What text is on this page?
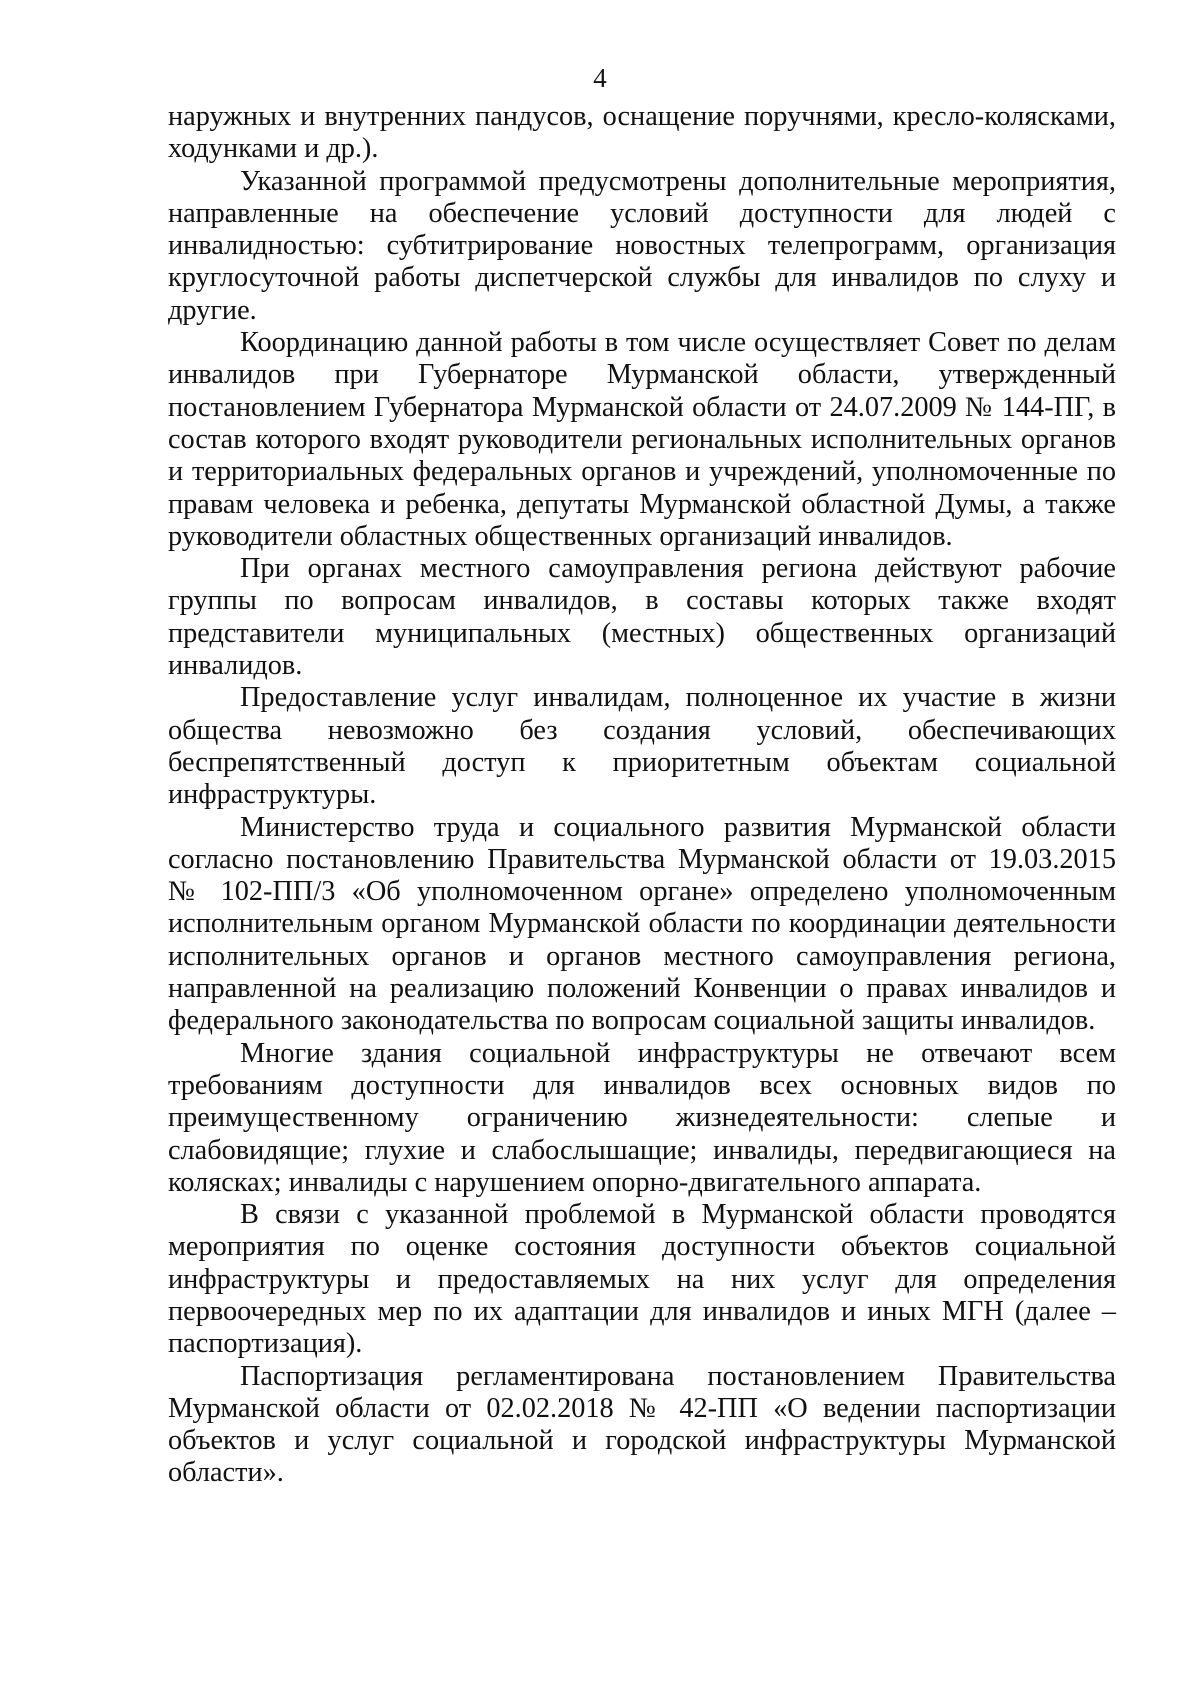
4

наружных и внутренних пандусов, оснащение поручнями, кресло-колясками, ходунками и др.).

Указанной программой предусмотрены дополнительные мероприятия, направленные на обеспечение условий доступности для людей с инвалидностью: субтитрирование новостных телепрограмм, организация круглосуточной работы диспетчерской службы для инвалидов по слуху и другие.

Координацию данной работы в том числе осуществляет Совет по делам инвалидов при Губернаторе Мурманской области, утвержденный постановлением Губернатора Мурманской области от 24.07.2009 № 144-ПГ, в состав которого входят руководители региональных исполнительных органов и территориальных федеральных органов и учреждений, уполномоченные по правам человека и ребенка, депутаты Мурманской областной Думы, а также руководители областных общественных организаций инвалидов.

При органах местного самоуправления региона действуют рабочие группы по вопросам инвалидов, в составы которых также входят представители муниципальных (местных) общественных организаций инвалидов.

Предоставление услуг инвалидам, полноценное их участие в жизни общества невозможно без создания условий, обеспечивающих беспрепятственный доступ к приоритетным объектам социальной инфраструктуры.

Министерство труда и социального развития Мурманской области согласно постановлению Правительства Мурманской области от 19.03.2015 № 102-ПП/3 «Об уполномоченном органе» определено уполномоченным исполнительным органом Мурманской области по координации деятельности исполнительных органов и органов местного самоуправления региона, направленной на реализацию положений Конвенции о правах инвалидов и федерального законодательства по вопросам социальной защиты инвалидов.

Многие здания социальной инфраструктуры не отвечают всем требованиям доступности для инвалидов всех основных видов по преимущественному ограничению жизнедеятельности: слепые и слабовидящие; глухие и слабослышащие; инвалиды, передвигающиеся на колясках; инвалиды с нарушением опорно-двигательного аппарата.

В связи с указанной проблемой в Мурманской области проводятся мероприятия по оценке состояния доступности объектов социальной инфраструктуры и предоставляемых на них услуг для определения первоочередных мер по их адаптации для инвалидов и иных МГН (далее – паспортизация).

Паспортизация регламентирована постановлением Правительства Мурманской области от 02.02.2018 № 42-ПП «О ведении паспортизации объектов и услуг социальной и городской инфраструктуры Мурманской области».
